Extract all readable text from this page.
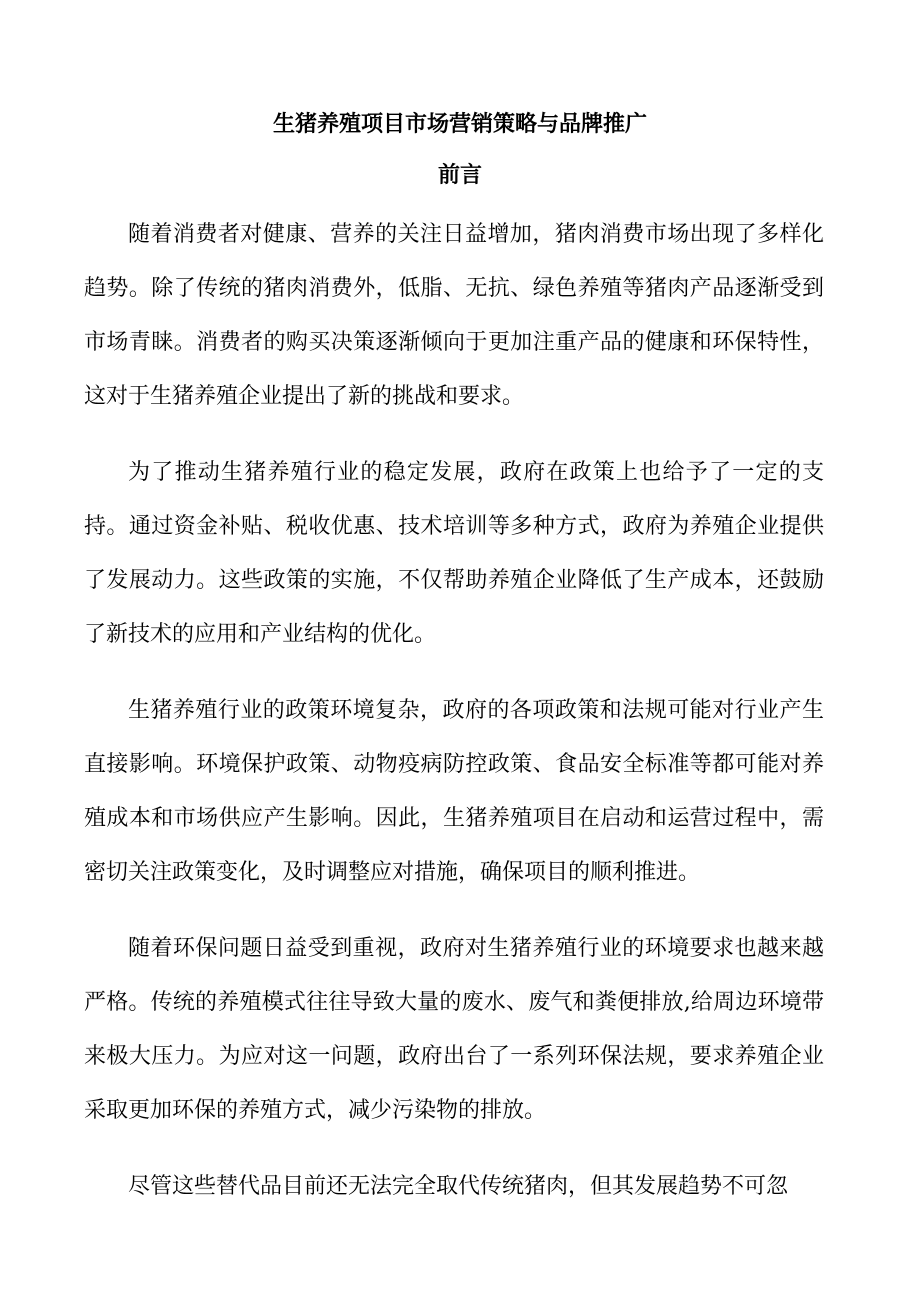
生猪养殖项目市场营销策略与品牌推广
前言

随着消费者对健康、营养的关注日益增加，猪肉消费市场出现了多样化趋势。除了传统的猪肉消费外，低脂、无抗、绿色养殖等猪肉产品逐渐受到市场青睐。消费者的购买决策逐渐倾向于更加注重产品的健康和环保特性，这对于生猪养殖企业提出了新的挑战和要求。

为了推动生猪养殖行业的稳定发展，政府在政策上也给予了一定的支持。通过资金补贴、税收优惠、技术培训等多种方式，政府为养殖企业提供了发展动力。这些政策的实施，不仅帮助养殖企业降低了生产成本，还鼓励了新技术的应用和产业结构的优化。

生猪养殖行业的政策环境复杂，政府的各项政策和法规可能对行业产生直接影响。环境保护政策、动物疫病防控政策、食品安全标准等都可能对养殖成本和市场供应产生影响。因此，生猪养殖项目在启动和运营过程中，需密切关注政策变化，及时调整应对措施，确保项目的顺利推进。

随着环保问题日益受到重视，政府对生猪养殖行业的环境要求也越来越严格。传统的养殖模式往往导致大量的废水、废气和粪便排放,给周边环境带来极大压力。为应对这一问题，政府出台了一系列环保法规，要求养殖企业采取更加环保的养殖方式，减少污染物的排放。

尽管这些替代品目前还无法完全取代传统猪肉，但其发展趋势不可忽
